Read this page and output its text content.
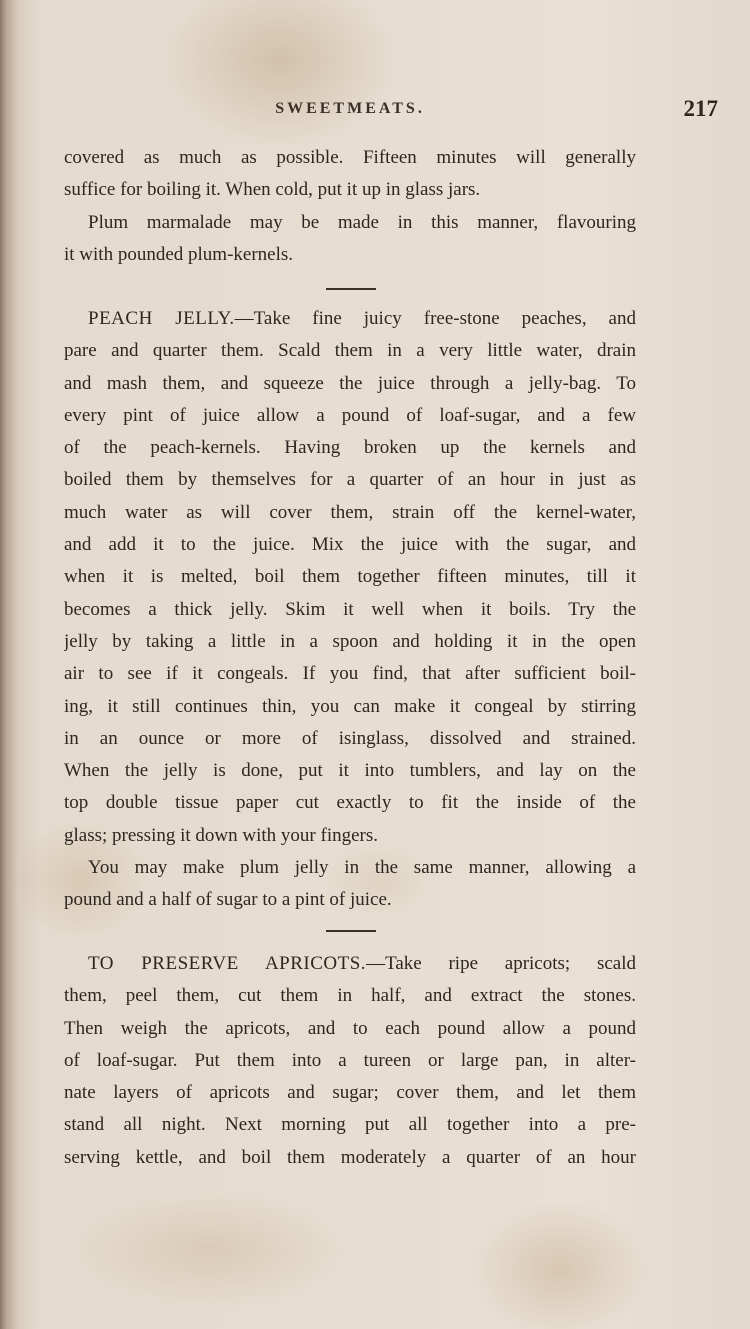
SWEETMEATS.	217
covered as much as possible. Fifteen minutes will generally
suffice for boiling it. When cold, put it up in glass jars.
Plum marmalade may be made in this manner, flavouring
it with pounded plum-kernels.
PEACH JELLY.—Take fine juicy free-stone peaches, and
pare and quarter them. Scald them in a very little water, drain
and mash them, and squeeze the juice through a jelly-bag. To
every pint of juice allow a pound of loaf-sugar, and a few
of the peach-kernels. Having broken up the kernels and
boiled them by themselves for a quarter of an hour in just as
much water as will cover them, strain off the kernel-water,
and add it to the juice. Mix the juice with the sugar, and
when it is melted, boil them together fifteen minutes, till it
becomes a thick jelly. Skim it well when it boils. Try the
jelly by taking a little in a spoon and holding it in the open
air to see if it congeals. If you find, that after sufficient boil-
ing, it still continues thin, you can make it congeal by stirring
in an ounce or more of isinglass, dissolved and strained.
When the jelly is done, put it into tumblers, and lay on the
top double tissue paper cut exactly to fit the inside of the
glass; pressing it down with your fingers.
You may make plum jelly in the same manner, allowing a
pound and a half of sugar to a pint of juice.
TO PRESERVE APRICOTS.—Take ripe apricots; scald
them, peel them, cut them in half, and extract the stones.
Then weigh the apricots, and to each pound allow a pound
of loaf-sugar. Put them into a tureen or large pan, in alter-
nate layers of apricots and sugar; cover them, and let them
stand all night. Next morning put all together into a pre-
serving kettle, and boil them moderately a quarter of an hour
